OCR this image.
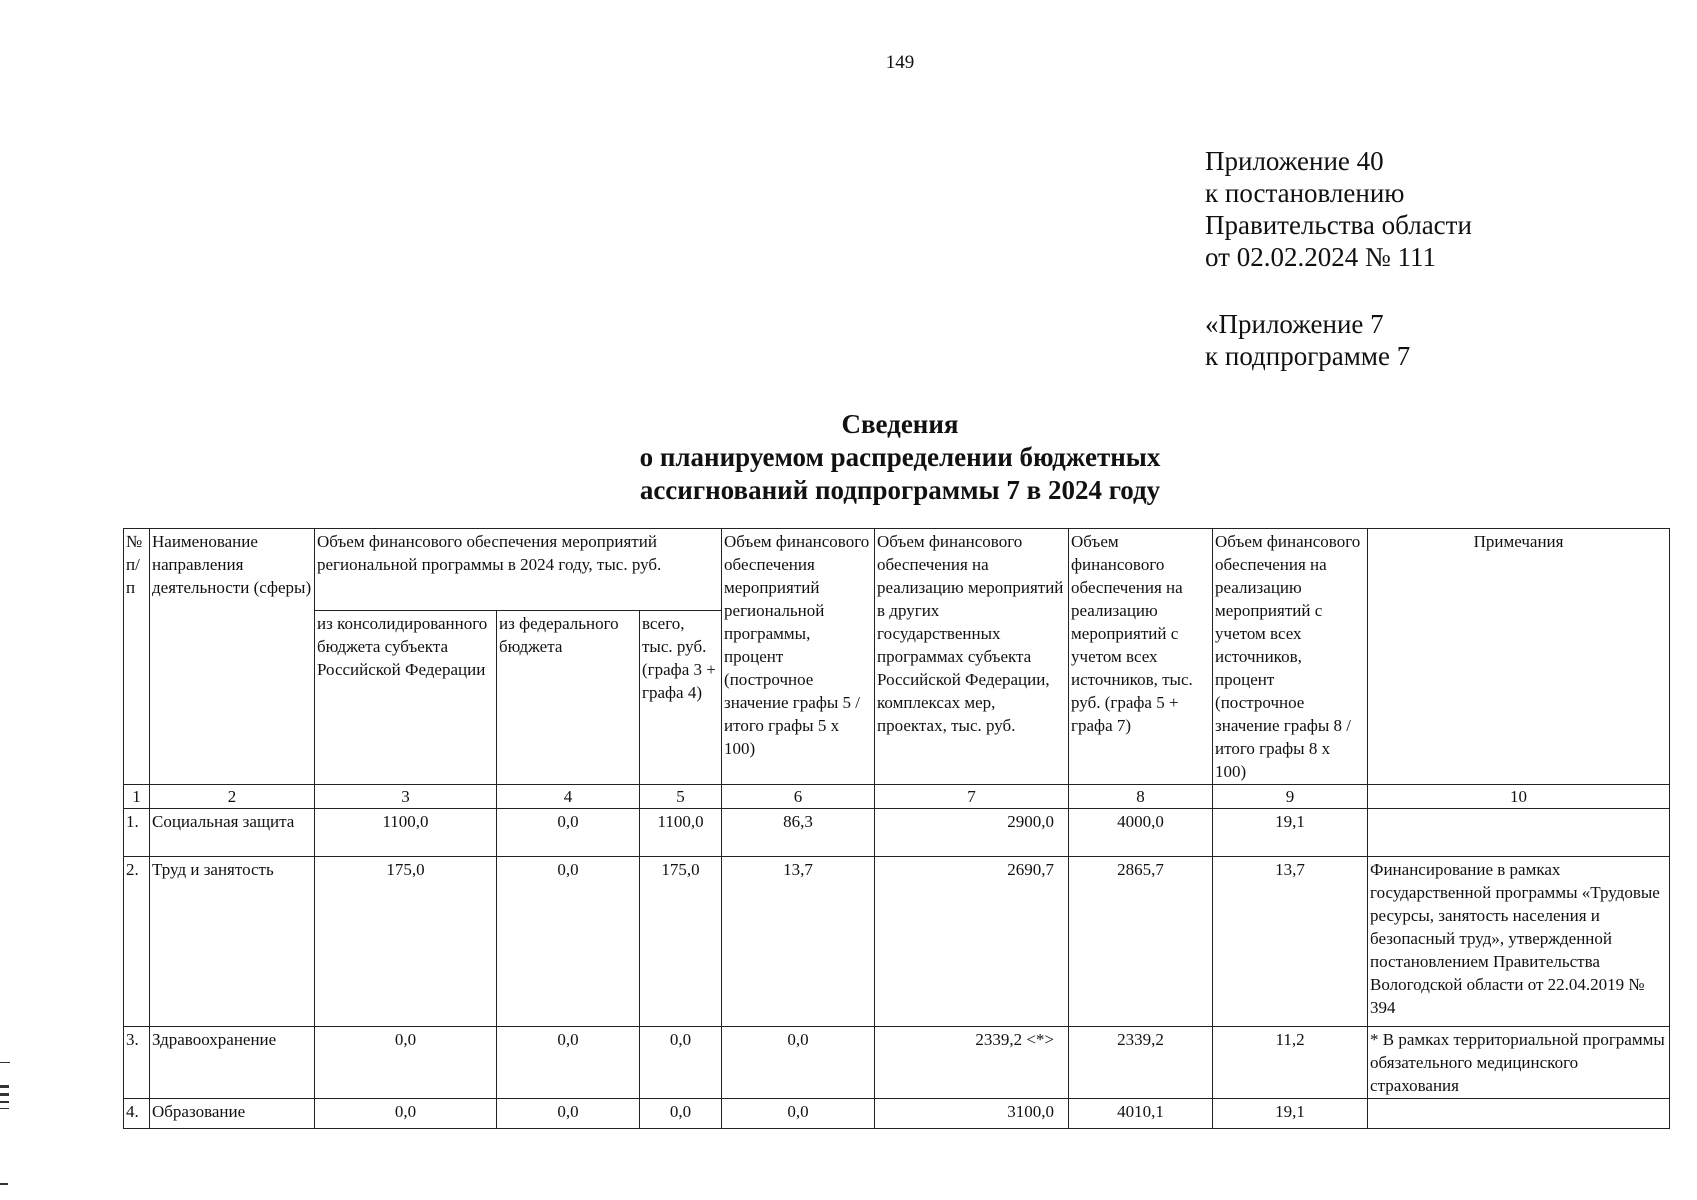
149
Приложение 40
к постановлению
Правительства области
от 02.02.2024 № 111
«Приложение 7
к подпрограмме 7
Сведения
о планируемом распределении бюджетных
ассигнований подпрограммы 7 в 2024 году
№ п/п	Наименование направления деятельности (сферы)	Объем финансового обеспечения мероприятий региональной программы в 2024 году, тыс. руб.			Объем финансового обеспечения мероприятий региональной программы, процент (построчное значение графы 5 / итого графы 5 x 100)	Объем финансового обеспечения на реализацию мероприятий в других государственных программах субъекта Российской Федерации, комплексах мер, проектах, тыс. руб.	Объем финансового обеспечения на реализацию мероприятий с учетом всех источников, тыс. руб. (графа 5 + графа 7)	Объем финансового обеспечения на реализацию мероприятий с учетом всех источников, процент (построчное значение графы 8 / итого графы 8 x 100)	Примечания
		из консолидированного бюджета субъекта Российской Федерации	из федерального бюджета	всего, тыс. руб. (графа 3 + графа 4)					
1	2	3	4	5	6	7	8	9	10
1.	Социальная защита	1100,0	0,0	1100,0	86,3	2900,0	4000,0	19,1	
2.	Труд и занятость	175,0	0,0	175,0	13,7	2690,7	2865,7	13,7	Финансирование в рамках государственной программы «Трудовые ресурсы, занятость населения и безопасный труд», утвержденной постановлением Правительства Вологодской области от 22.04.2019 № 394
3.	Здравоохранение	0,0	0,0	0,0	0,0	2339,2 <*>	2339,2	11,2	* В рамках территориальной программы обязательного медицинского страхования
4.	Образование	0,0	0,0	0,0	0,0	3100,0	4010,1	19,1	
